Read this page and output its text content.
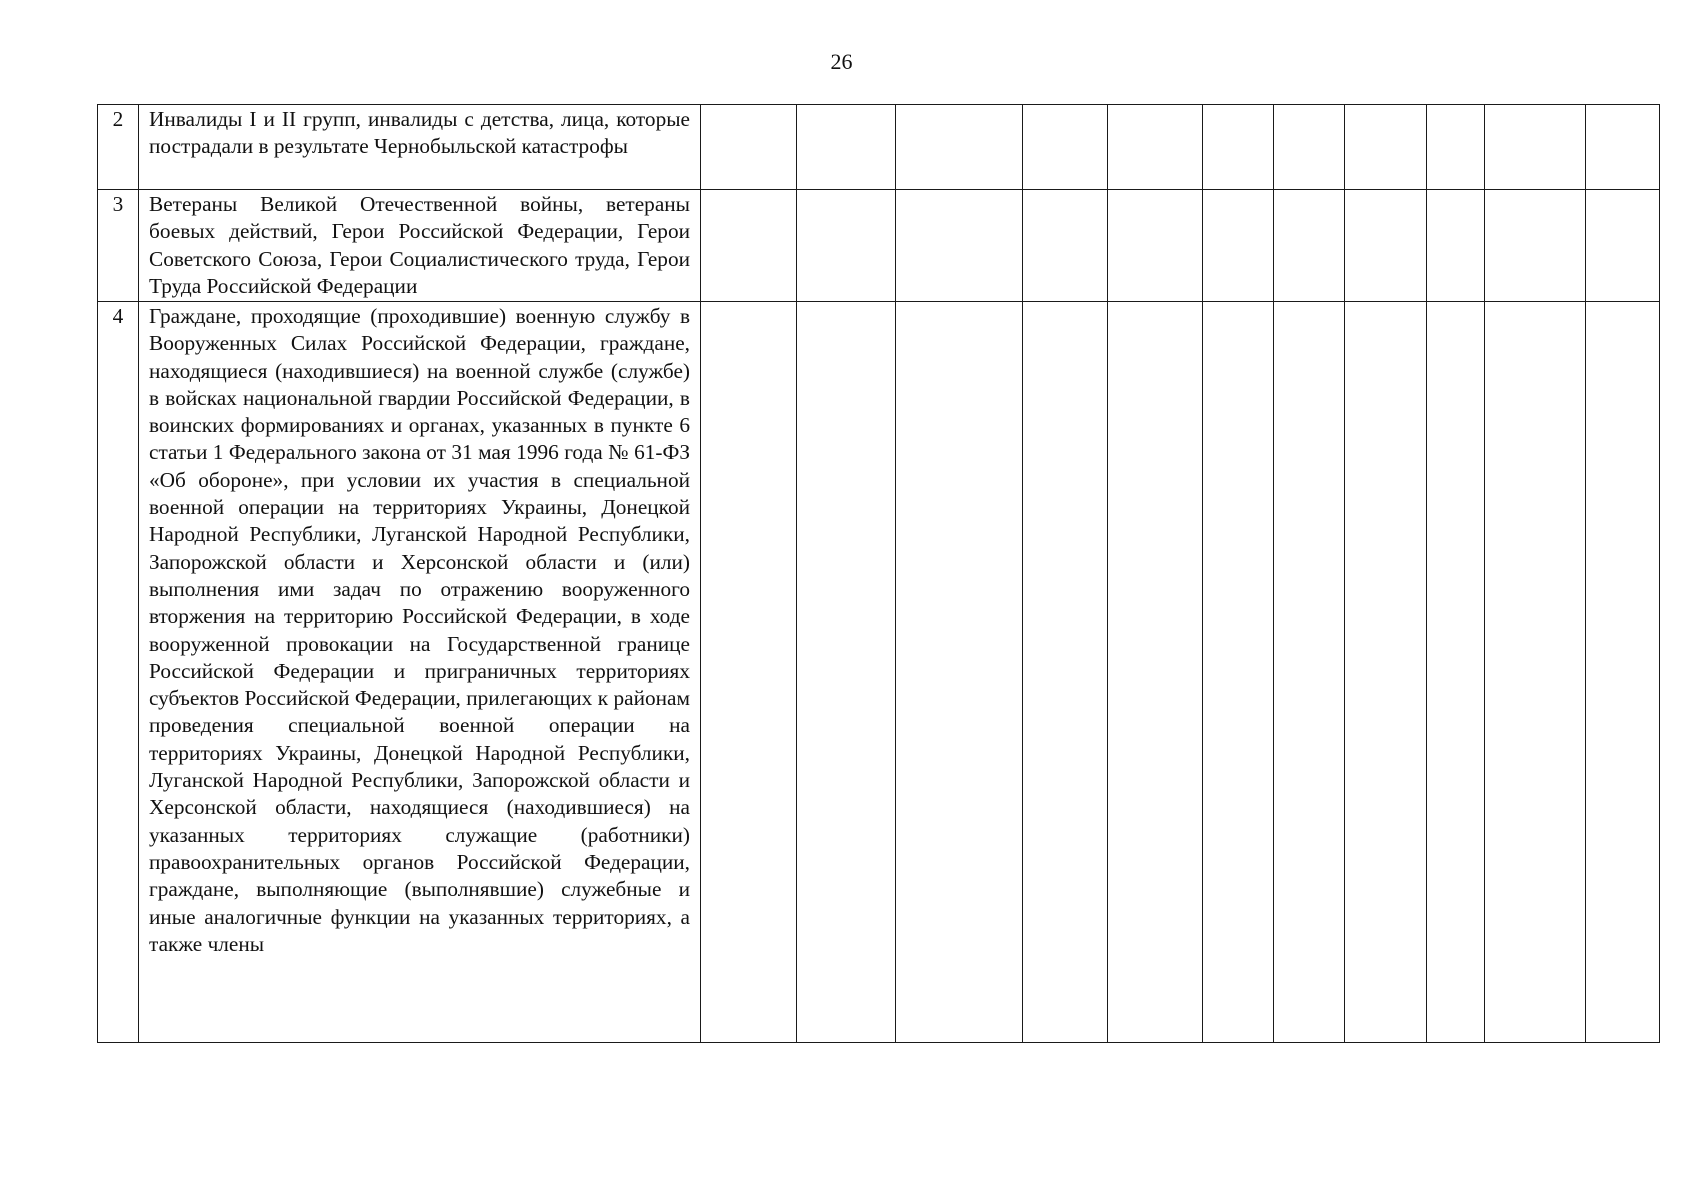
26
2	Инвалиды I и II групп, инвалиды с детства, лица, которые пострадали в результате Чернобыльской катастрофы											

3	Ветераны Великой Отечественной войны, ветераны боевых действий, Герои Российской Федерации, Герои Советского Союза, Герои Социалистического труда, Герои Труда Российской Федерации											

4	Граждане, проходящие (проходившие) военную службу в Вооруженных Силах Российской Федерации, граждане, находящиеся (находившиеся) на военной службе (службе) в войсках национальной гвардии Российской Федерации, в воинских формированиях и органах, указанных в пункте 6 статьи 1 Федерального закона от 31 мая 1996 года № 61-ФЗ «Об обороне», при условии их участия в специальной военной операции на территориях Украины, Донецкой Народной Республики, Луганской Народной Республики, Запорожской области и Херсонской области и (или) выполнения ими задач по отражению вооруженного вторжения на территорию Российской Федерации, в ходе вооруженной провокации на Государственной границе Российской Федерации и приграничных территориях субъектов Российской Федерации, прилегающих к районам проведения специальной военной операции на территориях Украины, Донецкой Народной Республики, Луганской Народной Республики, Запорожской области и Херсонской области, находящиеся (находившиеся) на указанных территориях служащие (работники) правоохранительных органов Российской Федерации, граждане, выполняющие (выполнявшие) служебные и иные аналогичные функции на указанных территориях, а также члены											
